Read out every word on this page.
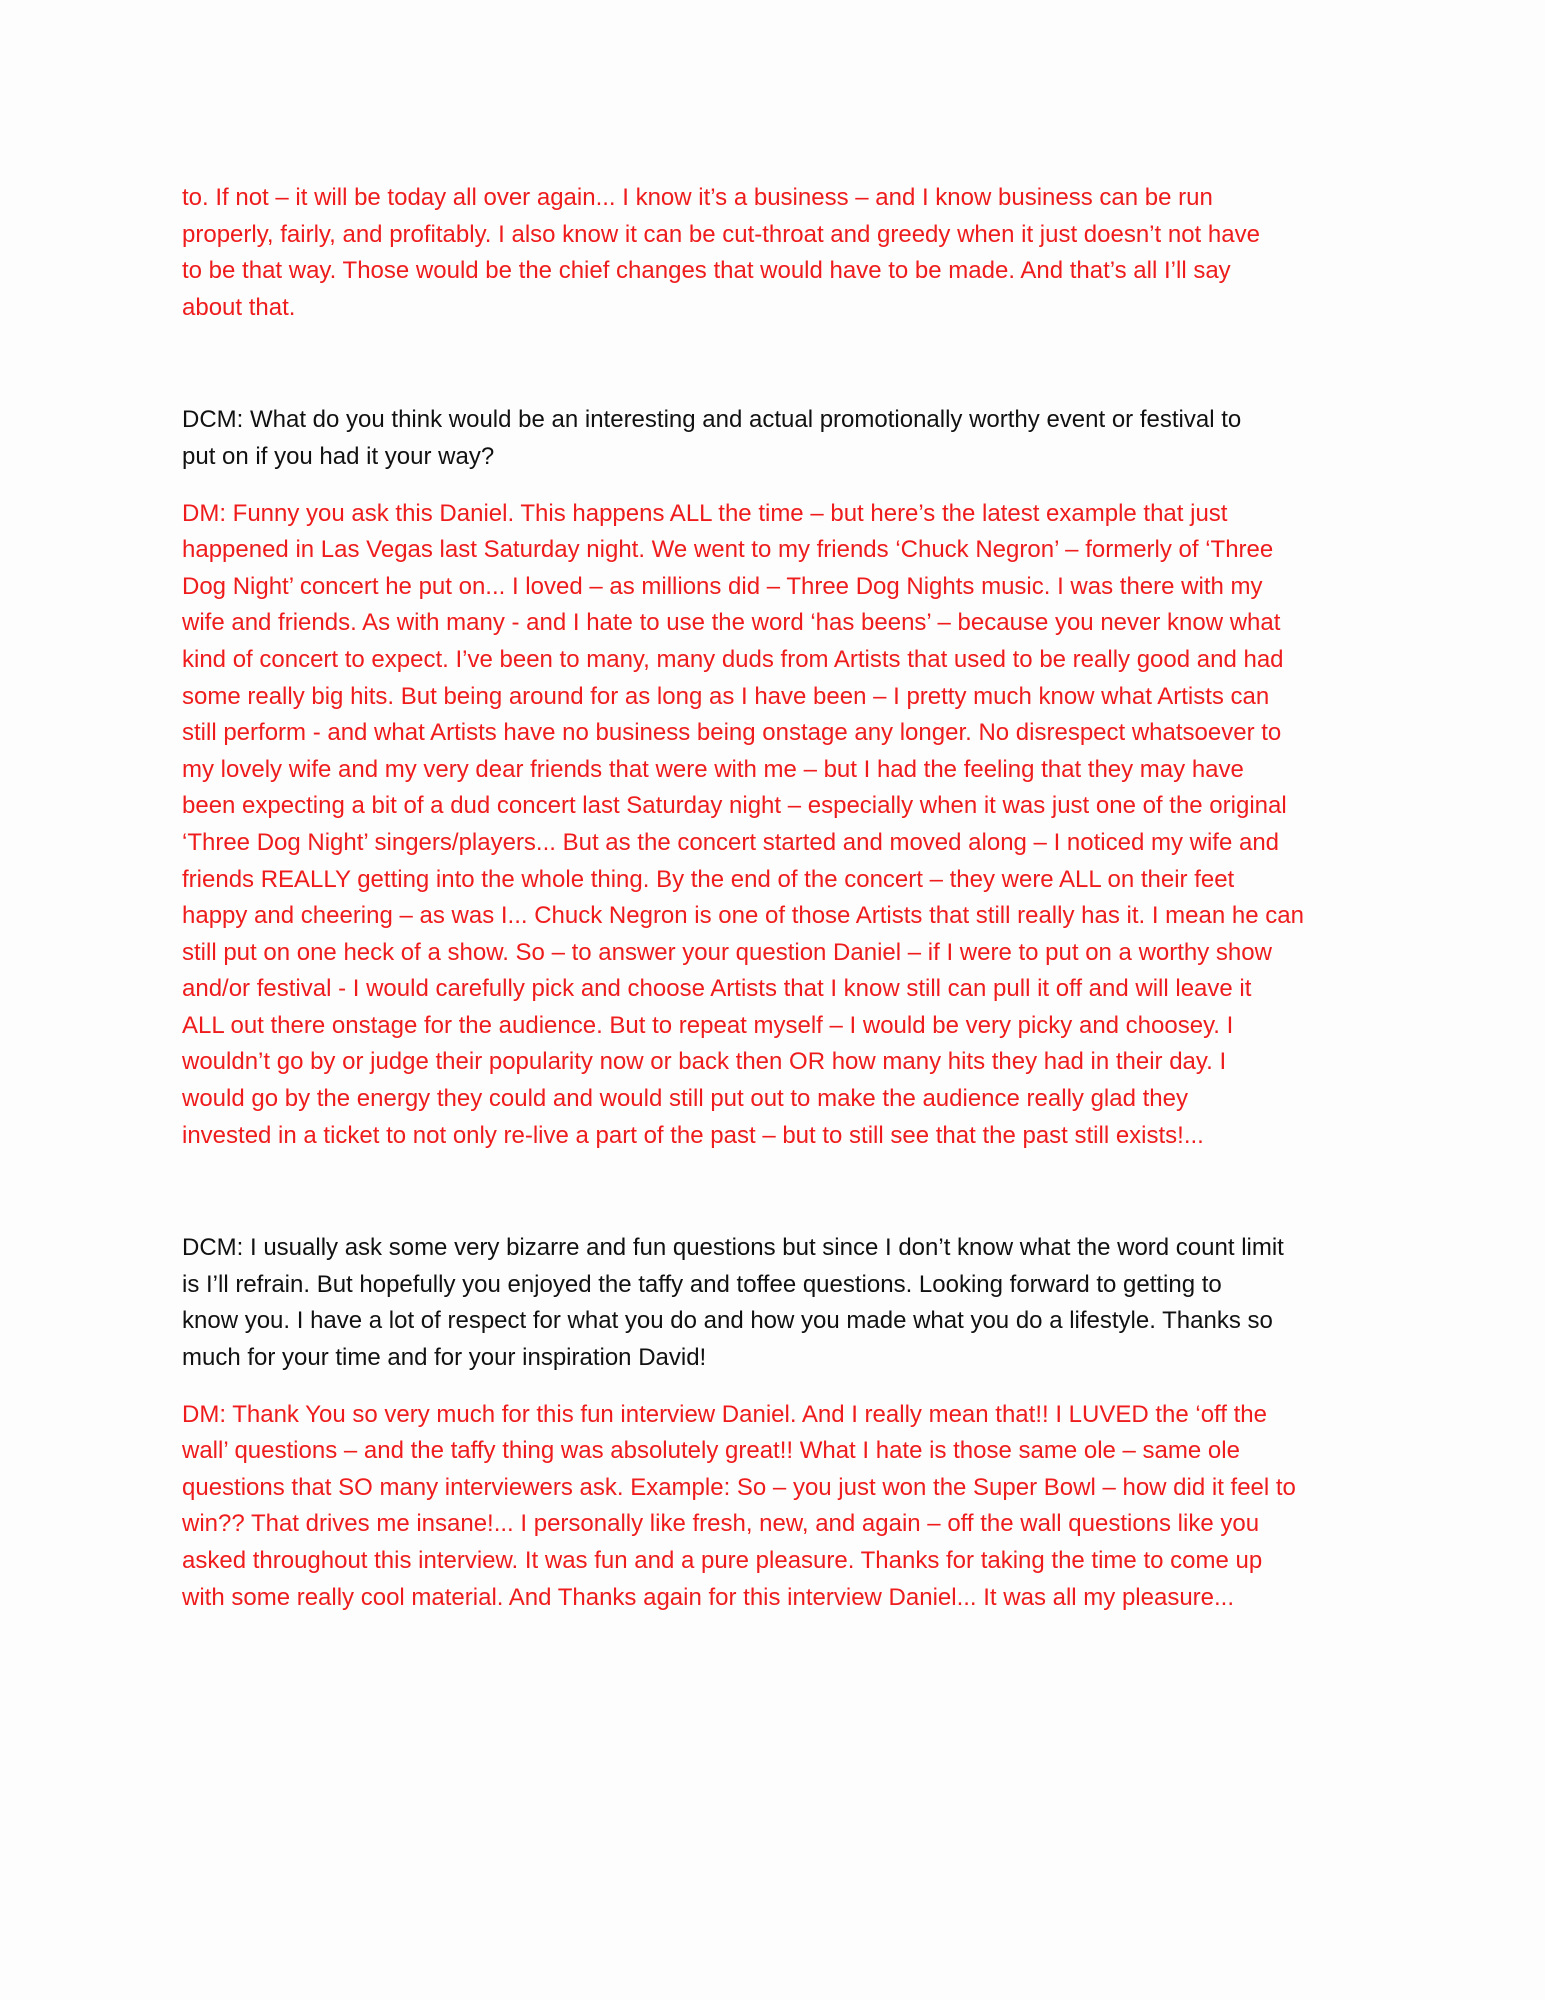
to. If not – it will be today all over again... I know it’s a business – and I know business can be run
properly, fairly, and profitably. I also know it can be cut-throat and greedy when it just doesn’t not have
to be that way. Those would be the chief changes that would have to be made. And that’s all I’ll say
about that.

DCM: What do you think would be an interesting and actual promotionally worthy event or festival to
put on if you had it your way?

DM: Funny you ask this Daniel. This happens ALL the time – but here’s the latest example that just
happened in Las Vegas last Saturday night. We went to my friends ‘Chuck Negron’ – formerly of ‘Three
Dog Night’ concert he put on... I loved – as millions did – Three Dog Nights music. I was there with my
wife and friends. As with many - and I hate to use the word ‘has beens’ – because you never know what
kind of concert to expect. I’ve been to many, many duds from Artists that used to be really good and had
some really big hits. But being around for as long as I have been – I pretty much know what Artists can
still perform - and what Artists have no business being onstage any longer. No disrespect whatsoever to
my lovely wife and my very dear friends that were with me – but I had the feeling that they may have
been expecting a bit of a dud concert last Saturday night – especially when it was just one of the original
‘Three Dog Night’ singers/players... But as the concert started and moved along – I noticed my wife and
friends REALLY getting into the whole thing. By the end of the concert – they were ALL on their feet
happy and cheering – as was I... Chuck Negron is one of those Artists that still really has it. I mean he can
still put on one heck of a show. So – to answer your question Daniel – if I were to put on a worthy show
and/or festival - I would carefully pick and choose Artists that I know still can pull it off and will leave it
ALL out there onstage for the audience. But to repeat myself – I would be very picky and choosey. I
wouldn’t go by or judge their popularity now or back then OR how many hits they had in their day. I
would go by the energy they could and would still put out to make the audience really glad they
invested in a ticket to not only re-live a part of the past – but to still see that the past still exists!...

DCM: I usually ask some very bizarre and fun questions but since I don’t know what the word count limit
is I’ll refrain. But hopefully you enjoyed the taffy and toffee questions. Looking forward to getting to
know you. I have a lot of respect for what you do and how you made what you do a lifestyle. Thanks so
much for your time and for your inspiration David!

DM: Thank You so very much for this fun interview Daniel. And I really mean that!! I LUVED the ‘off the
wall’ questions – and the taffy thing was absolutely great!! What I hate is those same ole – same ole
questions that SO many interviewers ask. Example: So – you just won the Super Bowl – how did it feel to
win?? That drives me insane!... I personally like fresh, new, and again – off the wall questions like you
asked throughout this interview. It was fun and a pure pleasure. Thanks for taking the time to come up
with some really cool material. And Thanks again for this interview Daniel... It was all my pleasure...
